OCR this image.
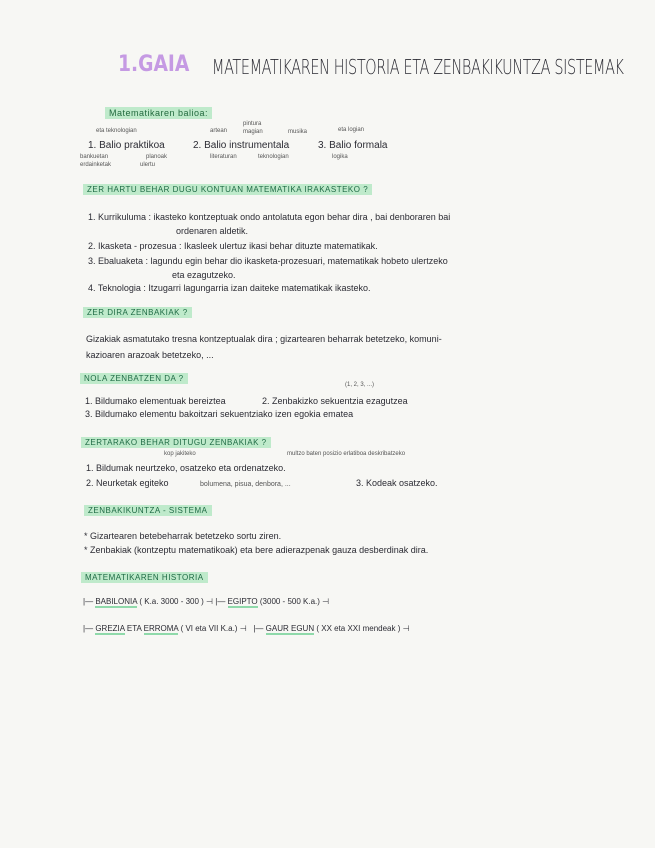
1.GAIA MATEMATIKAREN HISTORIA ETA ZENBAKIKUNTZA SISTEMAK
Matematikaren balioa:
eta teknologian	artean
pintura
magian	musika	eta logian
1. Balio praktikoa	2. Balio instrumentala	3. Balio formala
bankuetan	planoak
erdainketak	ulertu
literaturan	teknologian	logika
ZER HARTU BEHAR DUGU KONTUAN MATEMATIKA IRAKASTEKO ?
1. Kurrikuluma : ikasteko kontzeptuak ondo antolatuta egon behar dira , bai denboraren bai
ordenaren aldetik.
2. Ikasketa - prozesua : Ikasleek ulertuz ikasi behar dituzte matematikak.
3. Ebaluaketa : lagundu egin behar dio ikasketa-prozesuari, matematikak hobeto ulertzeko
eta ezagutzeko.
4. Teknologia : Itzugarri lagungarria izan daiteke matematikak ikasteko.
ZER DIRA ZENBAKIAK ?
Gizakiak asmatutako tresna kontzeptualak dira ; gizartearen beharrak betetzeko, komuni-
kazioaren arazoak betetzeko, ...
NOLA ZENBATZEN DA ?
(1, 2, 3, ...)
1. Bildumako elementuak bereiztea	2. Zenbakizko sekuentzia ezagutzea
3. Bildumako elementu bakoitzari sekuentziako izen egokia ematea
ZERTARAKO BEHAR DITUGU ZENBAKIAK ?
kop jakiteko	multzo baten posizio erlatiboa deskribatzeko
1. Bildumak neurtzeko, osatzeko eta ordenatzeko.
2. Neurketak egiteko	bolumena, pisua, denbora, ...	3. Kodeak osatzeko.
ZENBAKIKUNTZA - SISTEMA
* Gizartearen betebeharrak betetzeko sortu ziren.
* Zenbakiak (kontzeptu matematikoak) eta bere adierazpenak gauza desberdinak dira.
MATEMATIKAREN HISTORIA
|— BABILONIA ( K.a. 3000 - 300 ) ⊣ |— EGIPTO (3000 - 500 K.a.) ⊣
|— GREZIA ETA ERROMA ( VI eta VII K.a.) ⊣   |— GAUR EGUN ( XX eta XXI mendeak ) ⊣
